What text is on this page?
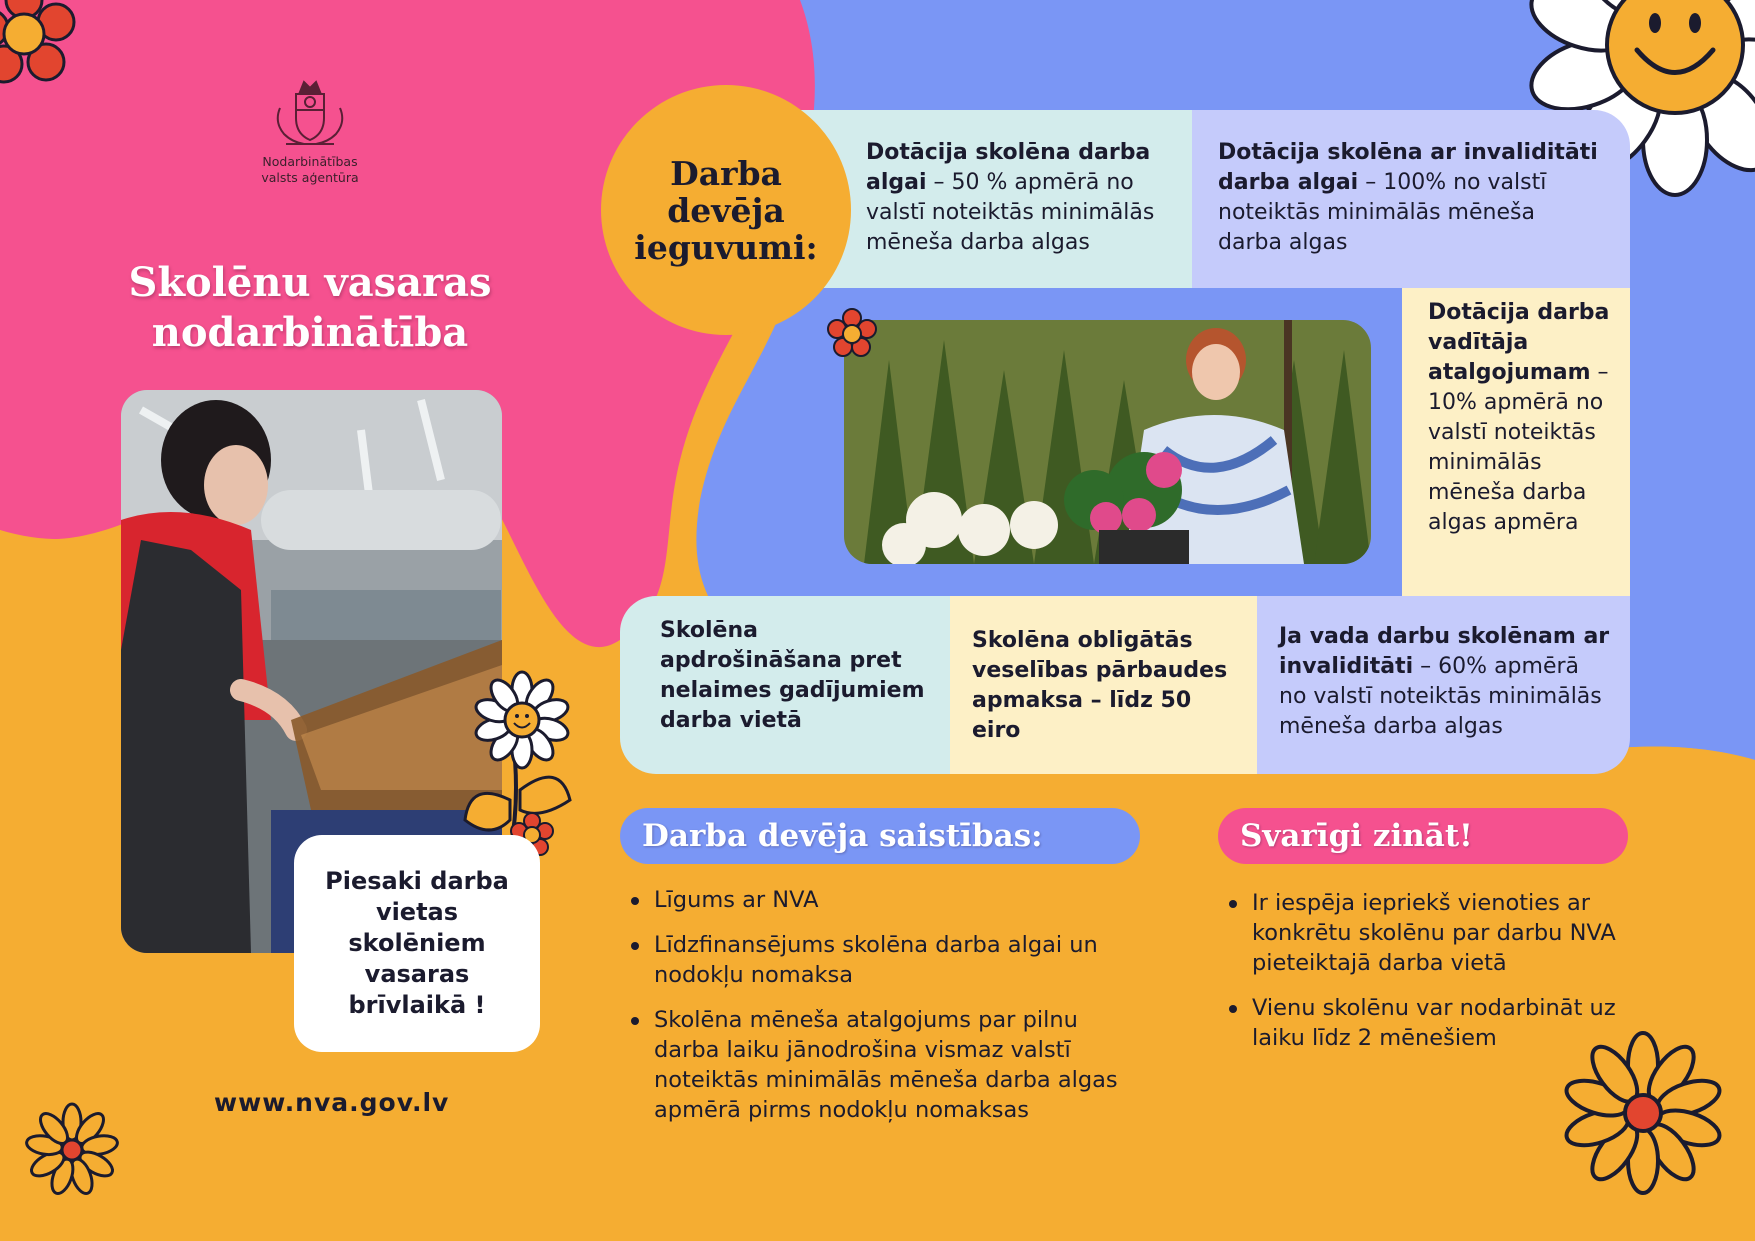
Nodarbinātības
valsts aģentūra
Skolēnu vasaras
nodarbinātība
Piesaki darba vietas skolēniem vasaras brīvlaikā !
www.nva.gov.lv
Dotācija skolēna darba algai – 50 % apmērā no valstī noteiktās minimālās mēneša darba algas
Dotācija skolēna ar invaliditāti darba algai – 100% no valstī noteiktās minimālās mēneša darba algas
Darba
devēja
ieguvumi:
Dotācija darba vadītāja atalgojumam – 10% apmērā no valstī noteiktās minimālās mēneša darba algas apmēra
Skolēna apdrošināšana pret nelaimes gadījumiem darba vietā
Skolēna obligātās veselības pārbaudes apmaksa – līdz 50 eiro
Ja vada darbu skolēnam ar invaliditāti – 60% apmērā no valstī noteiktās minimālās mēneša darba algas
Darba devēja saistības:
Līgums ar NVA
Līdzfinansējums skolēna darba algai un nodokļu nomaksa
Skolēna mēneša atalgojums par pilnu darba laiku jānodrošina vismaz valstī noteiktās minimālās mēneša darba algas apmērā pirms nodokļu nomaksas
Svarīgi zināt!
Ir iespēja iepriekš vienoties ar konkrētu skolēnu par darbu NVA pieteiktajā darba vietā
Vienu skolēnu var nodarbināt uz laiku līdz 2 mēnešiem
